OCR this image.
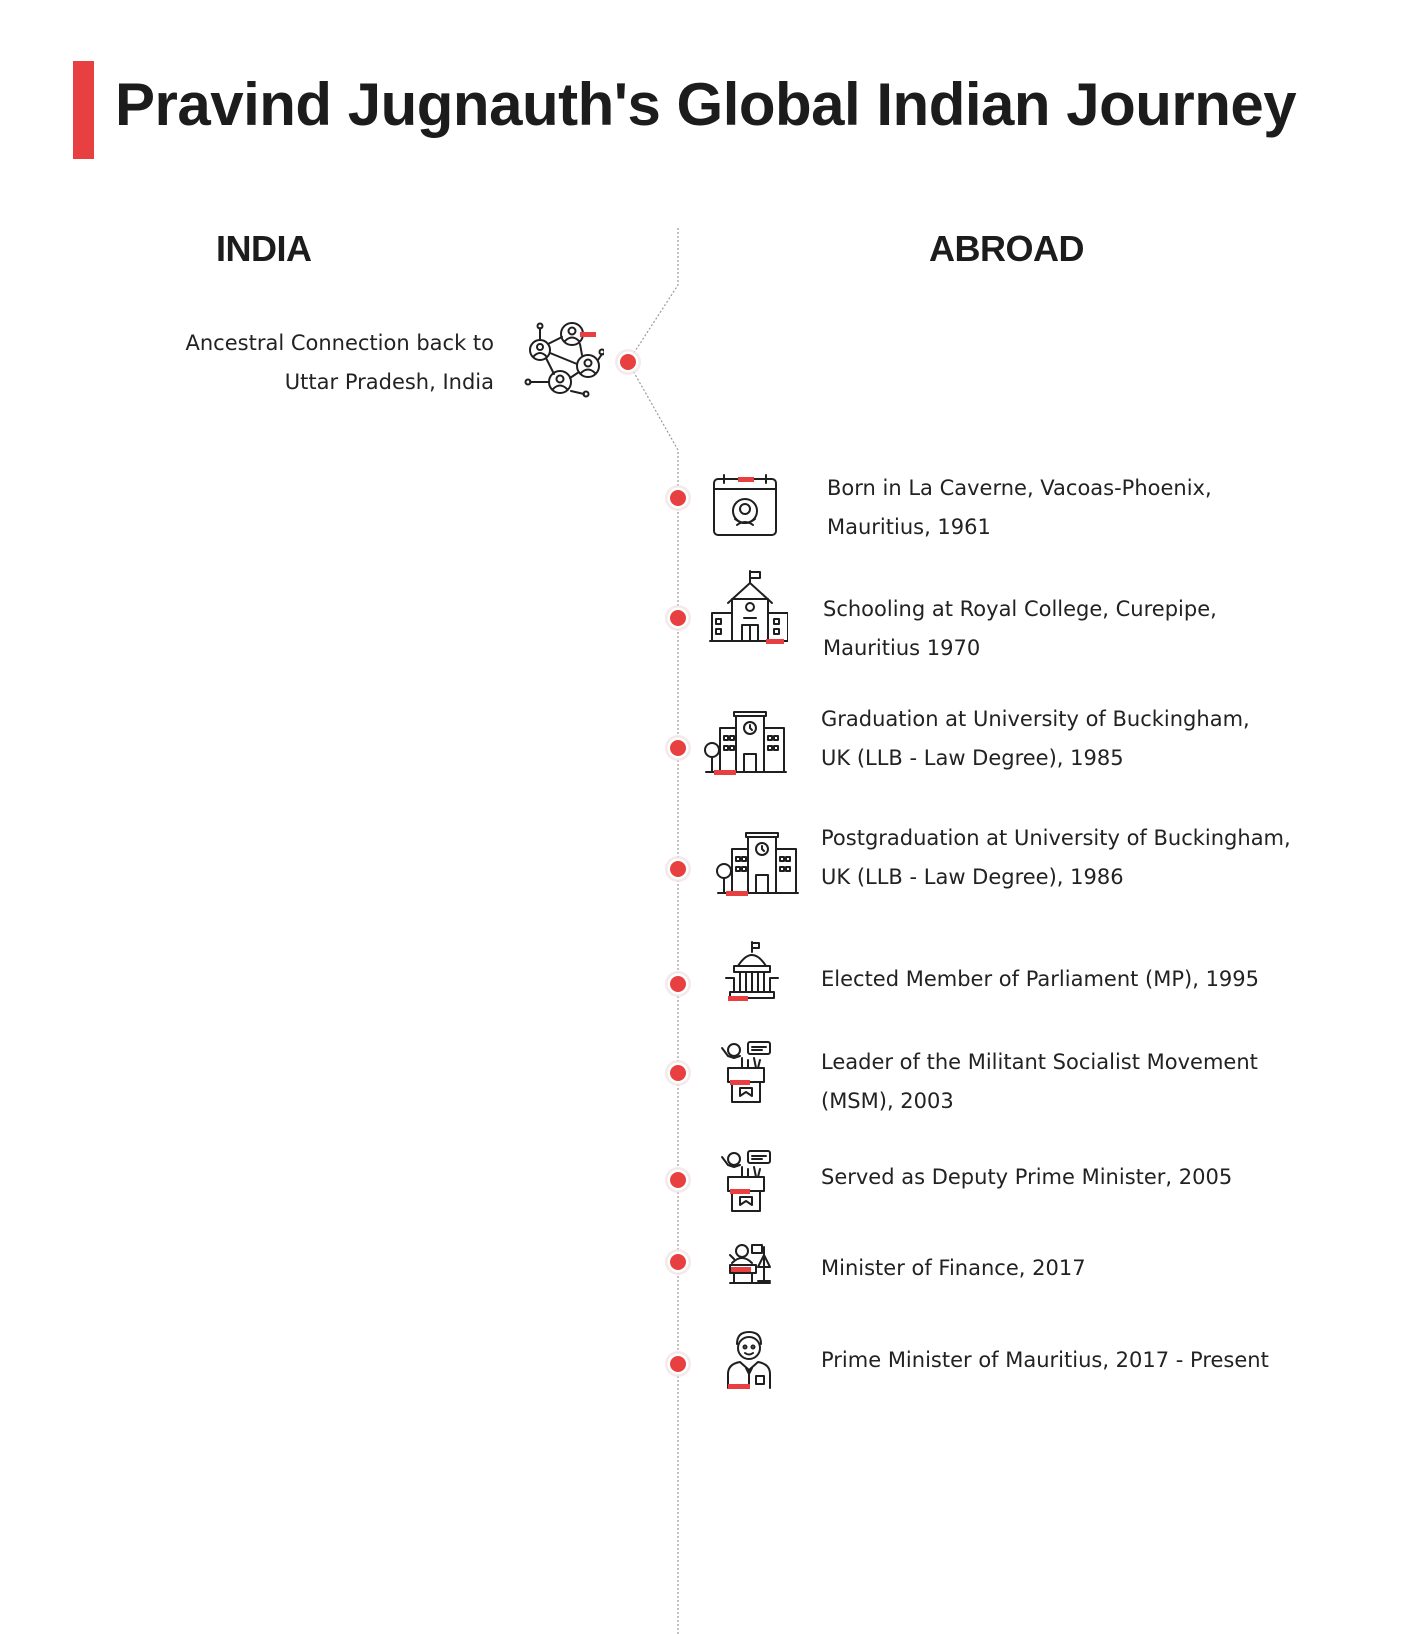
Pravind Jugnauth's Global Indian Journey
INDIA	ABROAD

Ancestral Connection back to
Uttar Pradesh, India

Born in La Caverne, Vacoas-Phoenix,
Mauritius, 1961

Schooling at Royal College, Curepipe,
Mauritius 1970

Graduation at University of Buckingham,
UK (LLB - Law Degree), 1985

Postgraduation at University of Buckingham,
UK (LLB - Law Degree), 1986

Elected Member of Parliament (MP), 1995

Leader of the Militant Socialist Movement
(MSM), 2003

Served as Deputy Prime Minister, 2005

Minister of Finance, 2017

Prime Minister of Mauritius, 2017 - Present
